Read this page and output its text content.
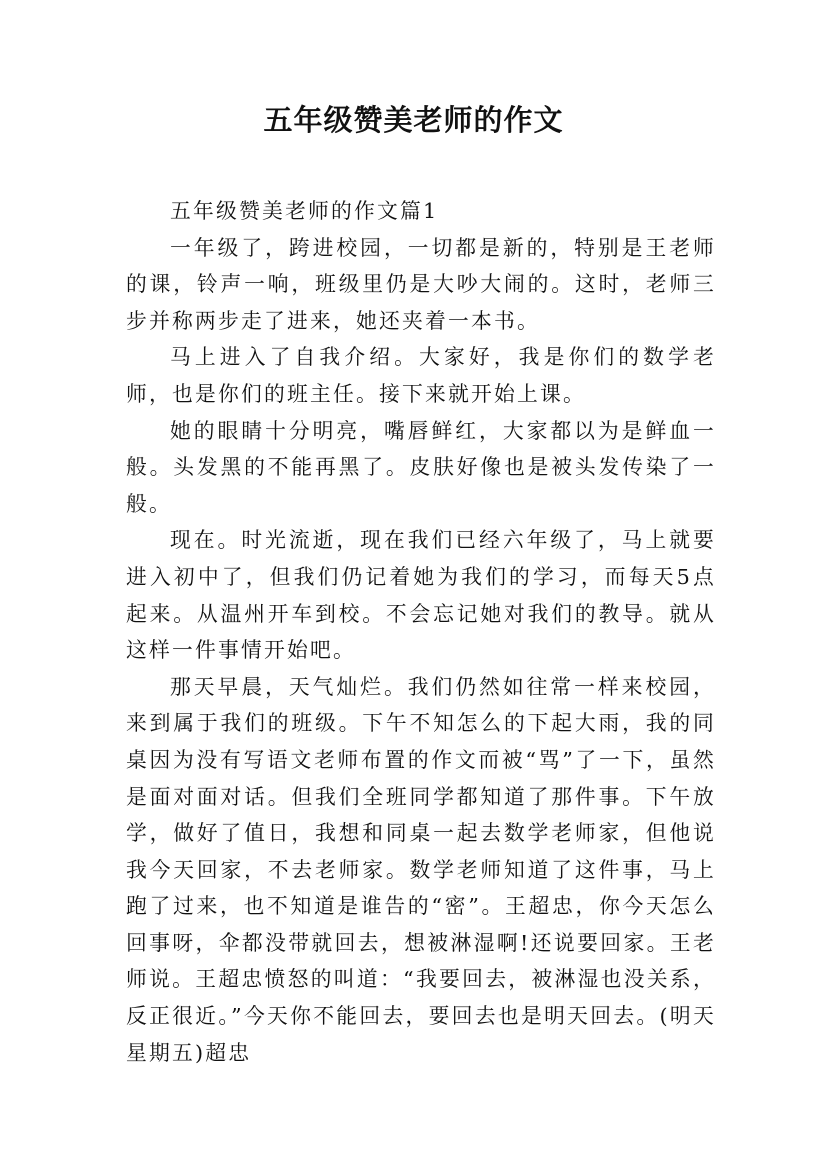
五年级赞美老师的作文

五年级赞美老师的作文篇1

一年级了，跨进校园，一切都是新的，特别是王老师的课，铃声一响，班级里仍是大吵大闹的。这时，老师三步并称两步走了进来，她还夹着一本书。

马上进入了自我介绍。大家好，我是你们的数学老师，也是你们的班主任。接下来就开始上课。

她的眼睛十分明亮，嘴唇鲜红，大家都以为是鲜血一般。头发黑的不能再黑了。皮肤好像也是被头发传染了一般。

现在。时光流逝，现在我们已经六年级了，马上就要进入初中了，但我们仍记着她为我们的学习，而每天5点起来。从温州开车到校。不会忘记她对我们的教导。就从这样一件事情开始吧。

那天早晨，天气灿烂。我们仍然如往常一样来校园，来到属于我们的班级。下午不知怎么的下起大雨，我的同桌因为没有写语文老师布置的作文而被“骂”了一下，虽然是面对面对话。但我们全班同学都知道了那件事。下午放学，做好了值日，我想和同桌一起去数学老师家，但他说我今天回家，不去老师家。数学老师知道了这件事，马上跑了过来，也不知道是谁告的“密”。王超忠，你今天怎么回事呀，伞都没带就回去，想被淋湿啊!还说要回家。王老师说。王超忠愤怒的叫道：“我要回去，被淋湿也没关系，反正很近。”今天你不能回去，要回去也是明天回去。(明天星期五)超忠
